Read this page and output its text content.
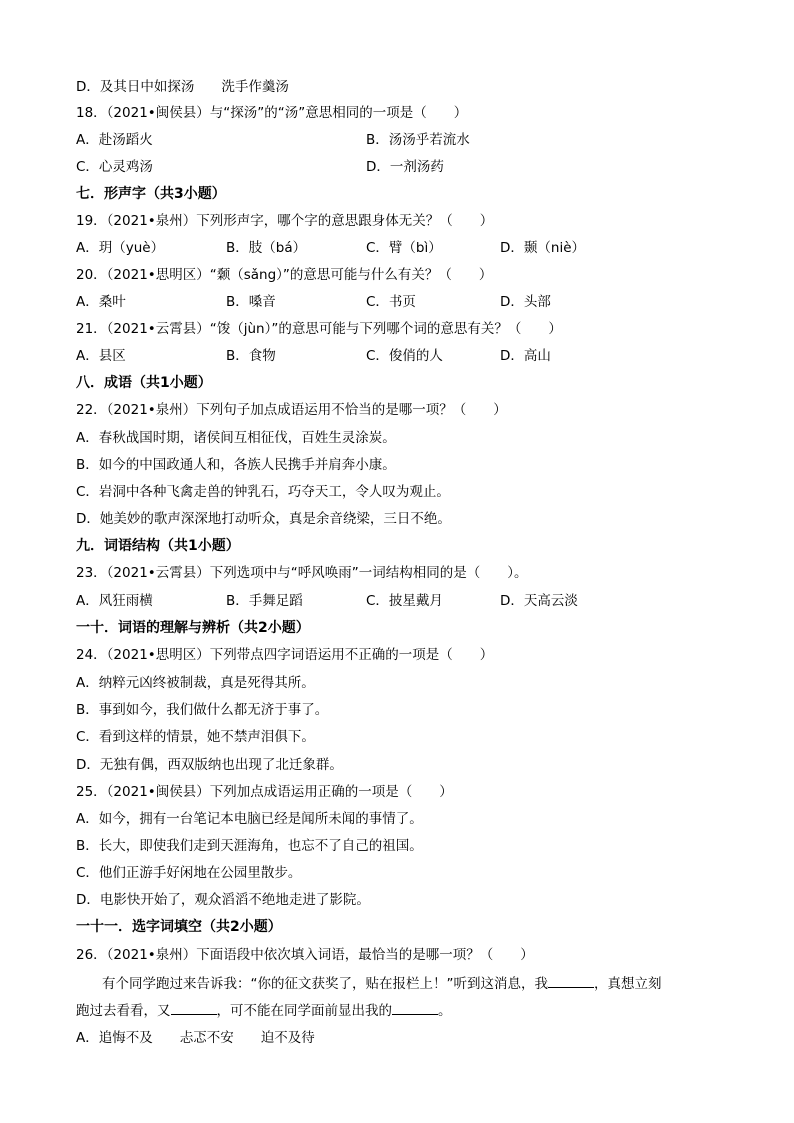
D．及其日中如探汤　　洗手作羹汤
18．（2021•闽侯县）与“探汤”的“汤”意思相同的一项是（　　）
A．赴汤蹈火	B．汤汤乎若流水
C．心灵鸡汤	D．一剂汤药
七．形声字（共3小题）
19．（2021•泉州）下列形声字，哪个字的意思跟身体无关？（　　）
A．玥（yuè）	B．肢（bá）	C．臂（bì）	D．颞（niè）
20．（2021•思明区）“颡（sǎng）”的意思可能与什么有关？（　　）
A．桑叶	B．嗓音	C．书页	D．头部
21．（2021•云霄县）“馂（jùn）”的意思可能与下列哪个词的意思有关？（　　）
A．县区	B．食物	C．俊俏的人	D．高山
八．成语（共1小题）
22．（2021•泉州）下列句子加点成语运用不恰当的是哪一项？（　　）
A．春秋战国时期，诸侯间互相征伐，百姓生灵涂炭。
B．如今的中国政通人和，各族人民携手并肩奔小康。
C．岩洞中各种飞禽走兽的钟乳石，巧夺天工，令人叹为观止。
D．她美妙的歌声深深地打动听众，真是余音绕梁，三日不绝。
九．词语结构（共1小题）
23．（2021•云霄县）下列选项中与“呼风唤雨”一词结构相同的是（　　）。
A．风狂雨横	B．手舞足蹈	C．披星戴月	D．天高云淡
一十．词语的理解与辨析（共2小题）
24．（2021•思明区）下列带点四字词语运用不正确的一项是（　　）
A．纳粹元凶终被制裁，真是死得其所。
B．事到如今，我们做什么都无济于事了。
C．看到这样的情景，她不禁声泪俱下。
D．无独有偶，西双版纳也出现了北迁象群。
25．（2021•闽侯县）下列加点成语运用正确的一项是（　　）
A．如今，拥有一台笔记本电脑已经是闻所未闻的事情了。
B．长大，即使我们走到天涯海角，也忘不了自己的祖国。
C．他们正游手好闲地在公园里散步。
D．电影快开始了，观众滔滔不绝地走进了影院。
一十一．选字词填空（共2小题）
26．（2021•泉州）下面语段中依次填入词语，最恰当的是哪一项？（　　）
有个同学跑过来告诉我：“你的征文获奖了，贴在报栏上！”听到这消息，我	，真想立刻
跑过去看看，又	，可不能在同学面前显出我的	。
A．追悔不及　　忐忑不安　　迫不及待
